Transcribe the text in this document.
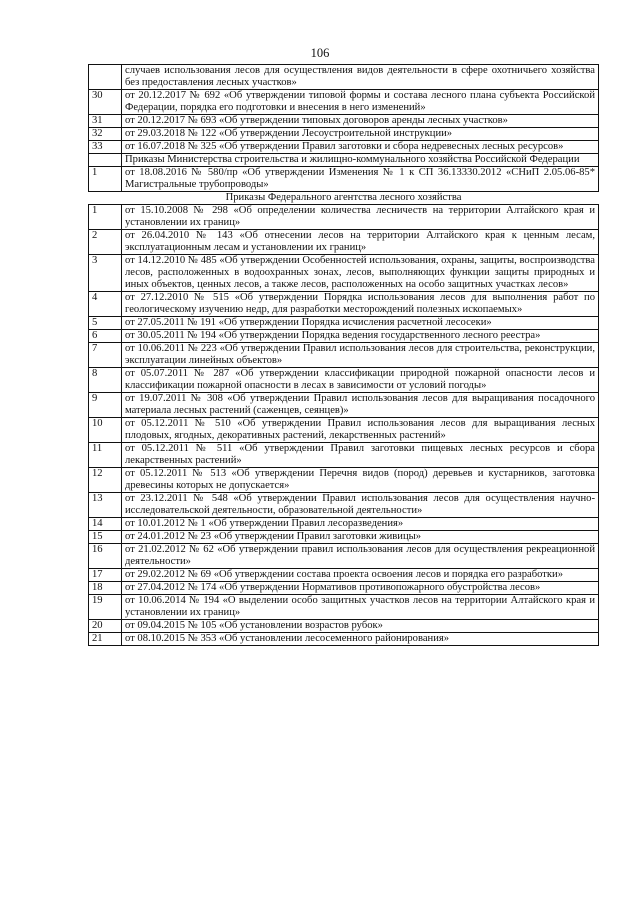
106
	случаев использования лесов для осуществления видов деятельности в сфере охотничьего хозяйства без предоставления лесных участков»
30	от 20.12.2017 № 692 «Об утверждении типовой формы и состава лесного плана субъекта Российской Федерации, порядка его подготовки и внесения в него изменений»
31	от 20.12.2017 № 693 «Об утверждении типовых договоров аренды лесных участков»
32	от 29.03.2018 № 122 «Об утверждении Лесоустроительной инструкции»
33	от 16.07.2018 № 325 «Об утверждении Правил заготовки и сбора недревесных лесных ресурсов»
	Приказы Министерства строительства и жилищно-коммунального хозяйства Российской Федерации
1	от 18.08.2016 № 580/пр «Об утверждении Изменения № 1 к СП 36.13330.2012 «СНиП 2.05.06-85* Магистральные трубопроводы»
Приказы Федерального агентства лесного хозяйства	
1	от 15.10.2008 № 298 «Об определении количества лесничеств на территории Алтайского края и установлении их границ»
2	от 26.04.2010 № 143 «Об отнесении лесов на территории Алтайского края к ценным лесам, эксплуатационным лесам и установлении их границ»
3	от 14.12.2010 № 485 «Об утверждении Особенностей использования, охраны, защиты, воспроизводства лесов, расположенных в водоохранных зонах, лесов, выполняющих функции защиты природных и иных объектов, ценных лесов, а также лесов, расположенных на особо защитных участках лесов»
4	от 27.12.2010 № 515 «Об утверждении Порядка использования лесов для выполнения работ по геологическому изучению недр, для разработки месторождений полезных ископаемых»
5	от 27.05.2011 № 191 «Об утверждении Порядка исчисления расчетной лесосеки»
6	от 30.05.2011 № 194 «Об утверждении Порядка ведения государственного лесного реестра»
7	от 10.06.2011 № 223 «Об утверждении Правил использования лесов для строительства, реконструкции, эксплуатации линейных объектов»
8	от 05.07.2011 № 287 «Об утверждении классификации природной пожарной опасности лесов и классификации пожарной опасности в лесах в зависимости от условий погоды»
9	от 19.07.2011 № 308 «Об утверждении Правил использования лесов для выращивания посадочного материала лесных растений (саженцев, сеянцев)»
10	от 05.12.2011 № 510 «Об утверждении Правил использования лесов для выращивания лесных плодовых, ягодных, декоративных растений, лекарственных растений»
11	от 05.12.2011 № 511 «Об утверждении Правил заготовки пищевых лесных ресурсов и сбора лекарственных растений»
12	от 05.12.2011 № 513 «Об утверждении Перечня видов (пород) деревьев и кустарников, заготовка древесины которых не допускается»
13	от 23.12.2011 № 548 «Об утверждении Правил использования лесов для осуществления научно-исследовательской деятельности, образовательной деятельности»
14	от 10.01.2012 № 1 «Об утверждении Правил лесоразведения»
15	от 24.01.2012 № 23 «Об утверждении Правил заготовки живицы»
16	от 21.02.2012 № 62 «Об утверждении правил использования лесов для осуществления рекреационной деятельности»
17	от 29.02.2012 № 69 «Об утверждении состава проекта освоения лесов и порядка его разработки»
18	от 27.04.2012 № 174 «Об утверждении Нормативов противопожарного обустройства лесов»
19	от 10.06.2014 № 194 «О выделении особо защитных участков лесов на территории Алтайского края и установлении их границ»
20	от 09.04.2015 № 105 «Об установлении возрастов рубок»
21	от 08.10.2015 № 353 «Об установлении лесосеменного районирования»
